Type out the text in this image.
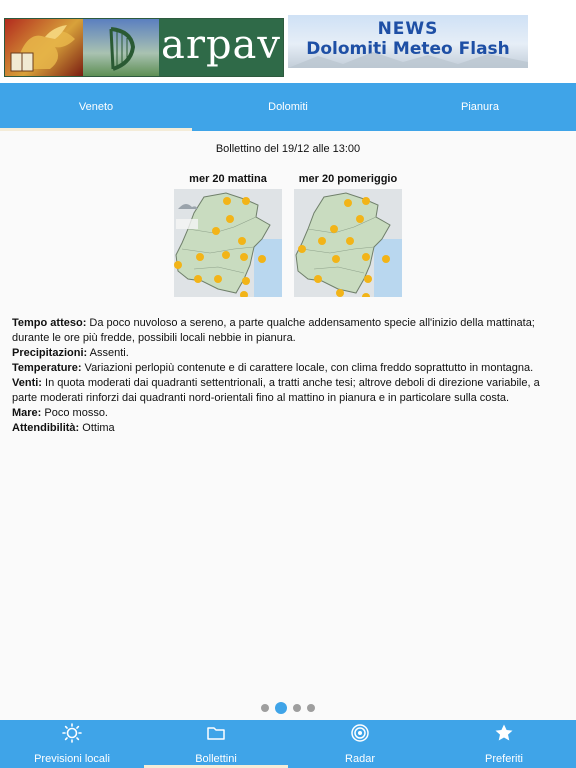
arpav	NEWS
Dolomiti Meteo Flash
Veneto	Dolomiti	Pianura
Bollettino del 19/12 alle 13:00
mer 20 mattina	mer 20 pomeriggio

Tempo atteso: Da poco nuvoloso a sereno, a parte qualche addensamento specie all'inizio della mattinata; durante le ore più fredde, possibili locali nebbie in pianura.

Precipitazioni: Assenti.

Temperature: Variazioni perlopiù contenute e di carattere locale, con clima freddo soprattutto in montagna.

Venti: In quota moderati dai quadranti settentrionali, a tratti anche tesi; altrove deboli di direzione variabile, a parte moderati rinforzi dai quadranti nord-orientali fino al mattino in pianura e in particolare sulla costa.

Mare: Poco mosso.

Attendibilità: Ottima

Previsioni locali	Bollettini	Radar	Preferiti
